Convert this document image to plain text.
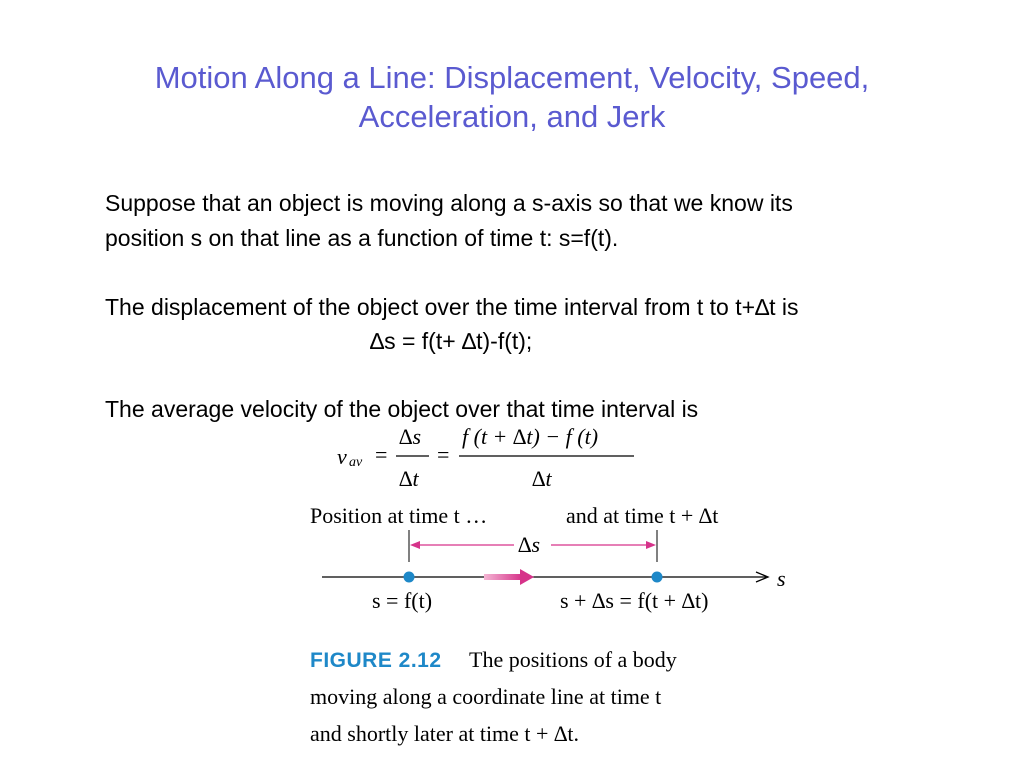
Motion Along a Line: Displacement, Velocity, Speed,
Acceleration, and Jerk
Suppose that an object is moving along a s-axis so that we know its
position s on that line as a function of time t: s=f(t).
The displacement of the object over the time interval from t to t+∆t is
∆s = f(t+ ∆t)-f(t);
The average velocity of the object over that time interval is
v av =
∆s
∆t
=
f (t + ∆t) − f (t)
∆t
Position at time t …	and at time t + ∆t
∆s
s
s = f(t)	s + ∆s = f(t + ∆t)
FIGURE 2.12 The positions of a body
moving along a coordinate line at time t
and shortly later at time t + ∆t.
